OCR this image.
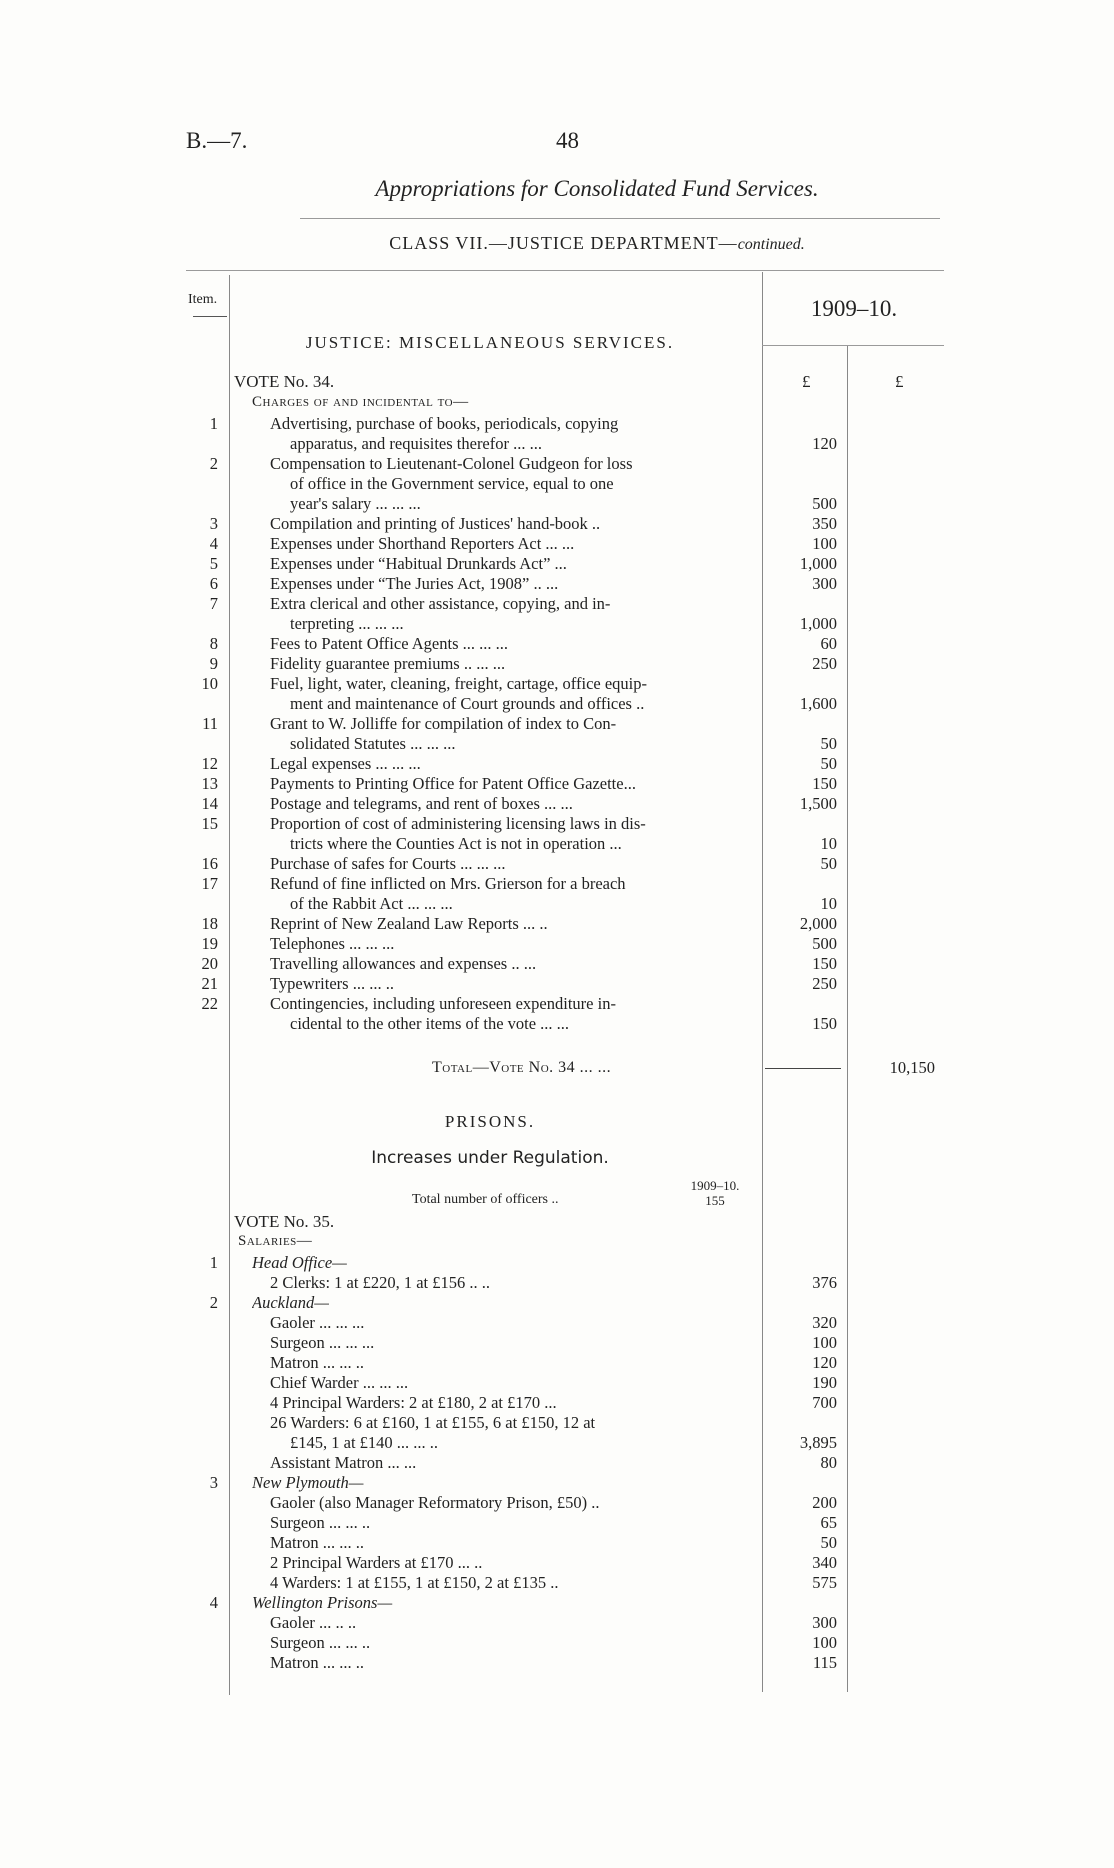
B.—7.	48
Appropriations for Consolidated Fund Services.
CLASS VII.—JUSTICE DEPARTMENT—continued.
Item.	1909–10.
JUSTICE: MISCELLANEOUS SERVICES.
VOTE No. 34.	£	£
Charges of and incidental to—
1	Advertising, purchase of books, periodicals, copying
apparatus, and requisites therefor ... ...	120
2	Compensation to Lieutenant-Colonel Gudgeon for loss
of office in the Government service, equal to one
year's salary ... ... ...	500
3	Compilation and printing of Justices' hand-book ..	350
4	Expenses under Shorthand Reporters Act ... ...	100
5	Expenses under “Habitual Drunkards Act” ...	1,000
6	Expenses under “The Juries Act, 1908” .. ...	300
7	Extra clerical and other assistance, copying, and in-
terpreting ... ... ...	1,000
8	Fees to Patent Office Agents ... ... ...	60
9	Fidelity guarantee premiums .. ... ...	250
10	Fuel, light, water, cleaning, freight, cartage, office equip-
ment and maintenance of Court grounds and offices ..	1,600
11	Grant to W. Jolliffe for compilation of index to Con-
solidated Statutes ... ... ...	50
12	Legal expenses ... ... ...	50
13	Payments to Printing Office for Patent Office Gazette...	150
14	Postage and telegrams, and rent of boxes ... ...	1,500
15	Proportion of cost of administering licensing laws in dis-
tricts where the Counties Act is not in operation ...	10
16	Purchase of safes for Courts ... ... ...	50
17	Refund of fine inflicted on Mrs. Grierson for a breach
of the Rabbit Act ... ... ...	10
18	Reprint of New Zealand Law Reports ... ..	2,000
19	Telephones ... ... ...	500
20	Travelling allowances and expenses .. ...	150
21	Typewriters ... ... ..	250
22	Contingencies, including unforeseen expenditure in-
cidental to the other items of the vote ... ...	150
Total—Vote No. 34 ... ...	10,150
PRISONS.
Increases under Regulation.
1909–10.
Total number of officers ..	155
VOTE No. 35.
Salaries—
1 Head Office—
2 Clerks: 1 at £220, 1 at £156 .. ..	376
2 Auckland—
Gaoler ... ... ...	320
Surgeon ... ... ...	100
Matron ... ... ..	120
Chief Warder ... ... ...	190
4 Principal Warders: 2 at £180, 2 at £170 ...	700
26 Warders: 6 at £160, 1 at £155, 6 at £150, 12 at
£145, 1 at £140 ... ... ..	3,895
Assistant Matron ... ...	80
3 New Plymouth—
Gaoler (also Manager Reformatory Prison, £50) ..	200
Surgeon ... ... ..	65
Matron ... ... ..	50
2 Principal Warders at £170 ... ..	340
4 Warders: 1 at £155, 1 at £150, 2 at £135 ..	575
4 Wellington Prisons—
Gaoler ... .. ..	300
Surgeon ... ... ..	100
Matron ... ... ..	115
